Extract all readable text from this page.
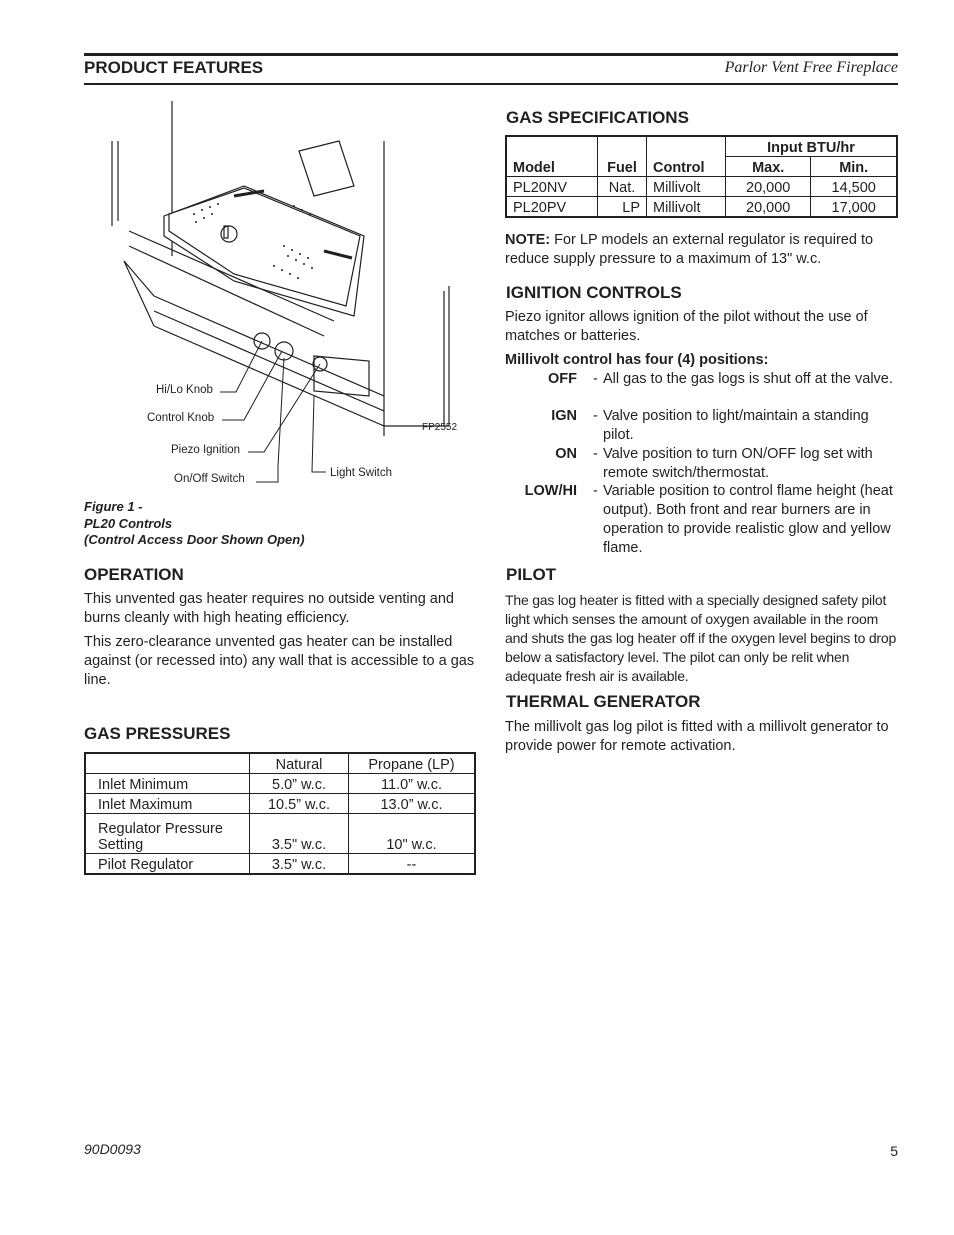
PRODUCT FEATURES	Parlor Vent Free Fireplace
Hi/Lo Knob
Control Knob
Piezo Ignition
On/Off Switch	Light Switch
FP2552
Figure 1 -
PL20 Controls
(Control Access Door Shown Open)
OPERATION
This unvented gas heater requires no outside venting and burns cleanly with high heating efficiency.
This zero-clearance unvented gas heater can be installed against (or recessed into) any wall that is accessible to a gas line.
GAS PRESSURES
	Natural	Propane (LP)
Inlet Minimum	5.0” w.c.	11.0” w.c.
Inlet Maximum	10.5” w.c.	13.0” w.c.

Regulator Pressure
Setting	3.5" w.c.	10" w.c.
Pilot Regulator	3.5" w.c.	--
GAS SPECIFICATIONS
Model	Fuel	Control	Input BTU/hr	
			Max.	Min.
PL20NV	Nat.	Millivolt	20,000	14,500
PL20PV	LP	Millivolt	20,000	17,000
NOTE: For LP models an external regulator is required to reduce supply pressure to a maximum of 13" w.c.
IGNITION CONTROLS
Piezo ignitor allows ignition of the pilot without the use of matches or batteries.
Millivolt control has four (4) positions:
OFF - All gas to the gas logs is shut off at the valve.
IGN - Valve position to light/maintain a standing pilot.
ON - Valve position to turn ON/OFF log set with remote switch/thermostat.
LOW/HI - Variable position to control flame height (heat output). Both front and rear burners are in operation to provide realistic glow and yellow flame.
PILOT
The gas log heater is fitted with a specially designed safety pilot light which senses the amount of oxygen available in the room and shuts the gas log heater off if the oxygen level begins to drop below a satisfactory level. The pilot can only be relit when adequate fresh air is available.
THERMAL GENERATOR
The millivolt gas log pilot is fitted with a millivolt generator to provide power for remote activation.
90D0093	5
